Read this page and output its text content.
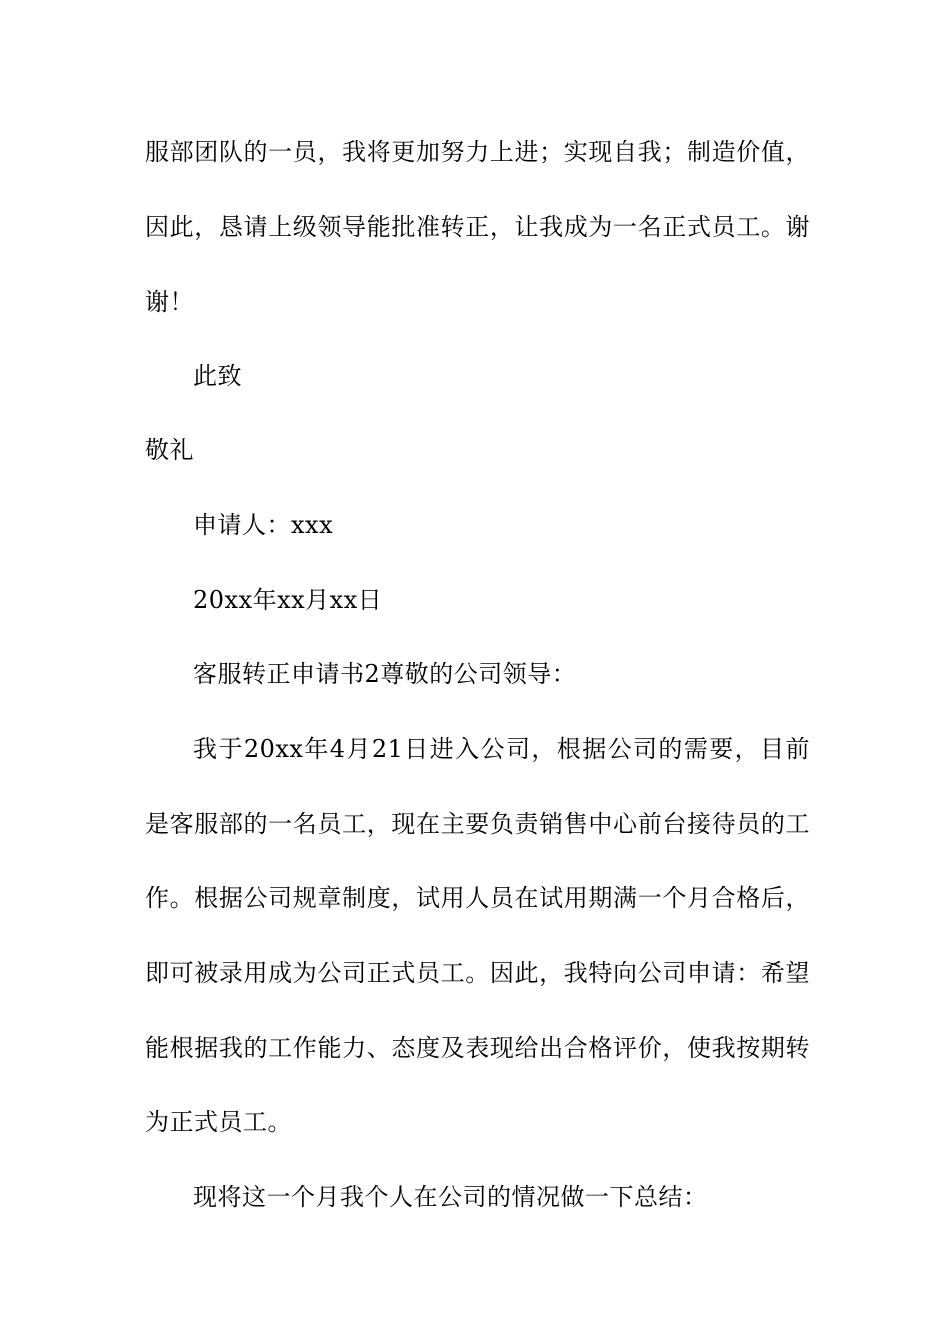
服部团队的一员，我将更加努力上进；实现自我；制造价值，
因此，恳请上级领导能批准转正，让我成为一名正式员工。谢
谢！
此致
敬礼
申请人：xxx
20xx年xx月xx日
客服转正申请书2尊敬的公司领导：
我于20xx年4月21日进入公司，根据公司的需要，目前
是客服部的一名员工，现在主要负责销售中心前台接待员的工
作。根据公司规章制度，试用人员在试用期满一个月合格后，
即可被录用成为公司正式员工。因此，我特向公司申请：希望
能根据我的工作能力、态度及表现给出合格评价，使我按期转
为正式员工。
现将这一个月我个人在公司的情况做一下总结：
